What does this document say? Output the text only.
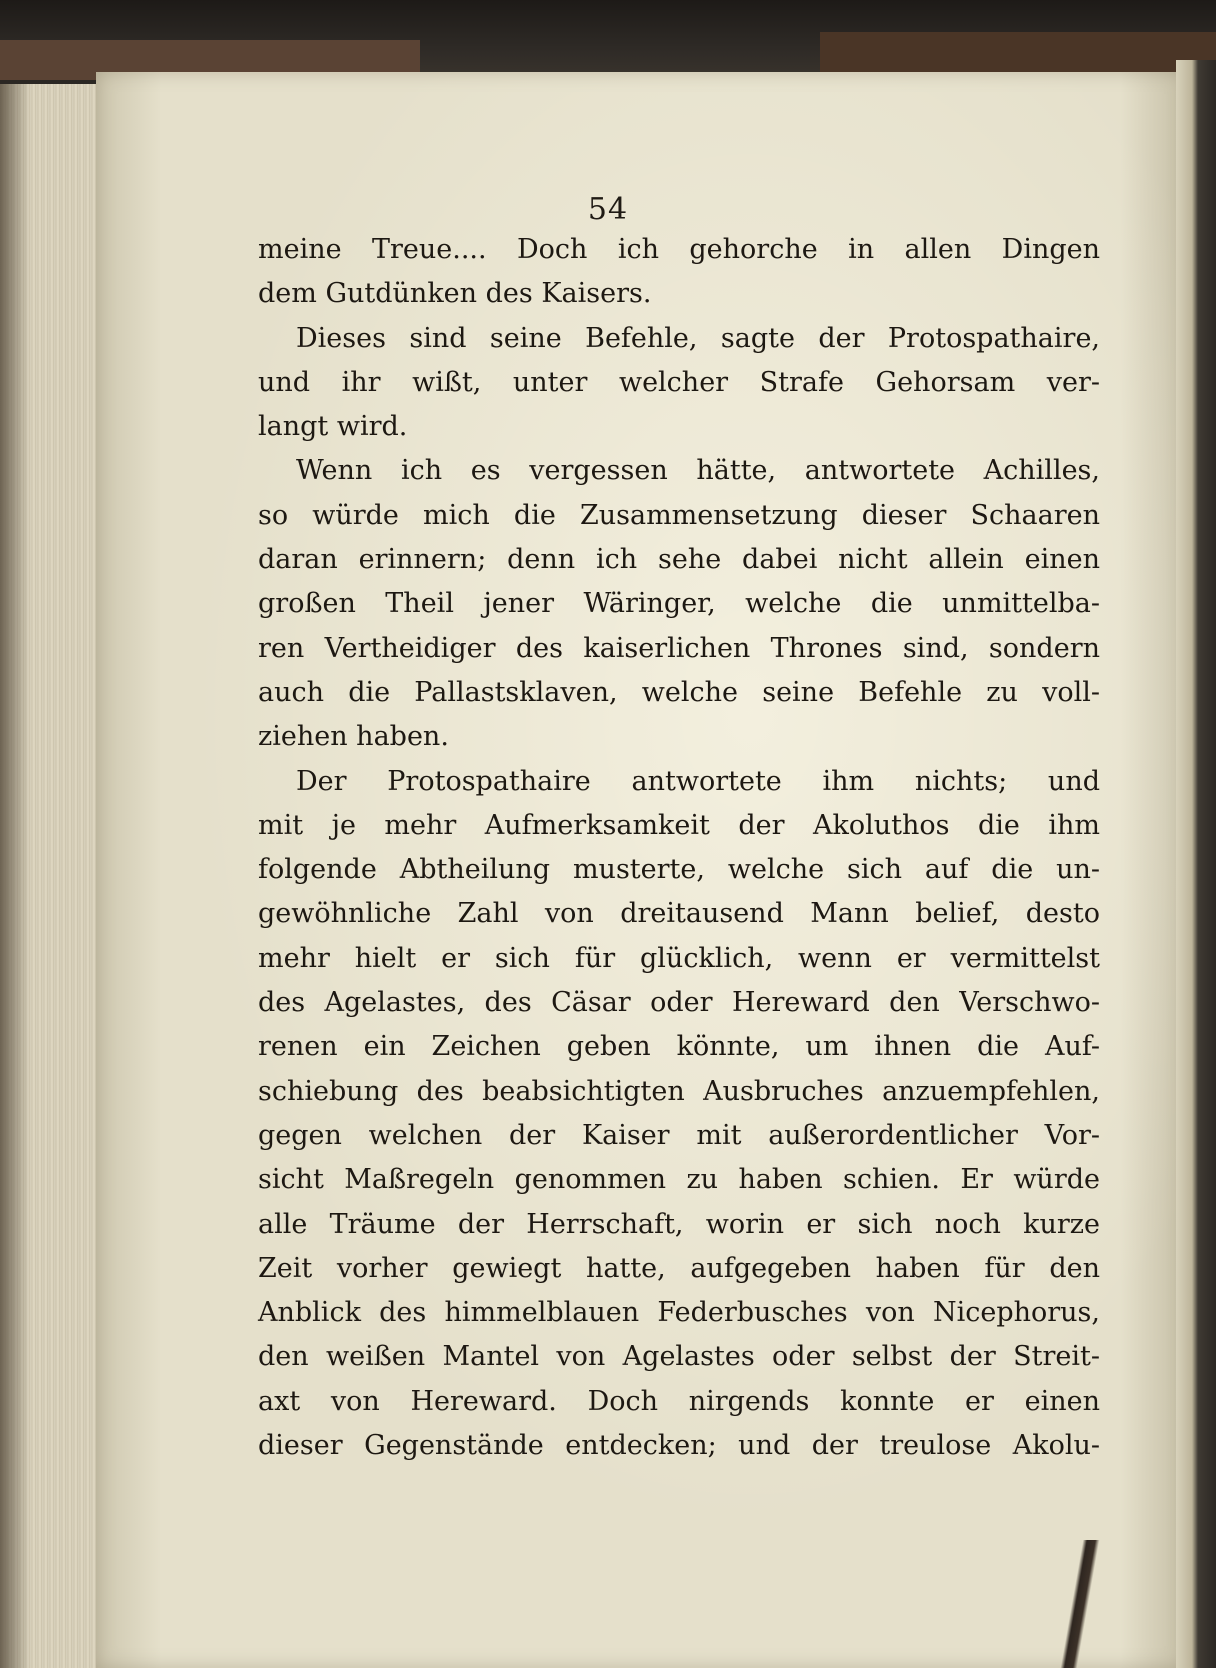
54
meine Treue.... Doch ich gehorche in allen Dingen
dem Gutdünken des Kaisers.
Dieses sind seine Befehle, sagte der Protospathaire,
und ihr wißt, unter welcher Strafe Gehorsam ver-
langt wird.
Wenn ich es vergessen hätte, antwortete Achilles,
so würde mich die Zusammensetzung dieser Schaaren
daran erinnern; denn ich sehe dabei nicht allein einen
großen Theil jener Wäringer, welche die unmittelba-
ren Vertheidiger des kaiserlichen Thrones sind, sondern
auch die Pallastsklaven, welche seine Befehle zu voll-
ziehen haben.
Der Protospathaire antwortete ihm nichts; und
mit je mehr Aufmerksamkeit der Akoluthos die ihm
folgende Abtheilung musterte, welche sich auf die un-
gewöhnliche Zahl von dreitausend Mann belief, desto
mehr hielt er sich für glücklich, wenn er vermittelst
des Agelastes, des Cäsar oder Hereward den Verschwo-
renen ein Zeichen geben könnte, um ihnen die Auf-
schiebung des beabsichtigten Ausbruches anzuempfehlen,
gegen welchen der Kaiser mit außerordentlicher Vor-
sicht Maßregeln genommen zu haben schien. Er würde
alle Träume der Herrschaft, worin er sich noch kurze
Zeit vorher gewiegt hatte, aufgegeben haben für den
Anblick des himmelblauen Federbusches von Nicephorus,
den weißen Mantel von Agelastes oder selbst der Streit-
axt von Hereward. Doch nirgends konnte er einen
dieser Gegenstände entdecken; und der treulose Akolu-
